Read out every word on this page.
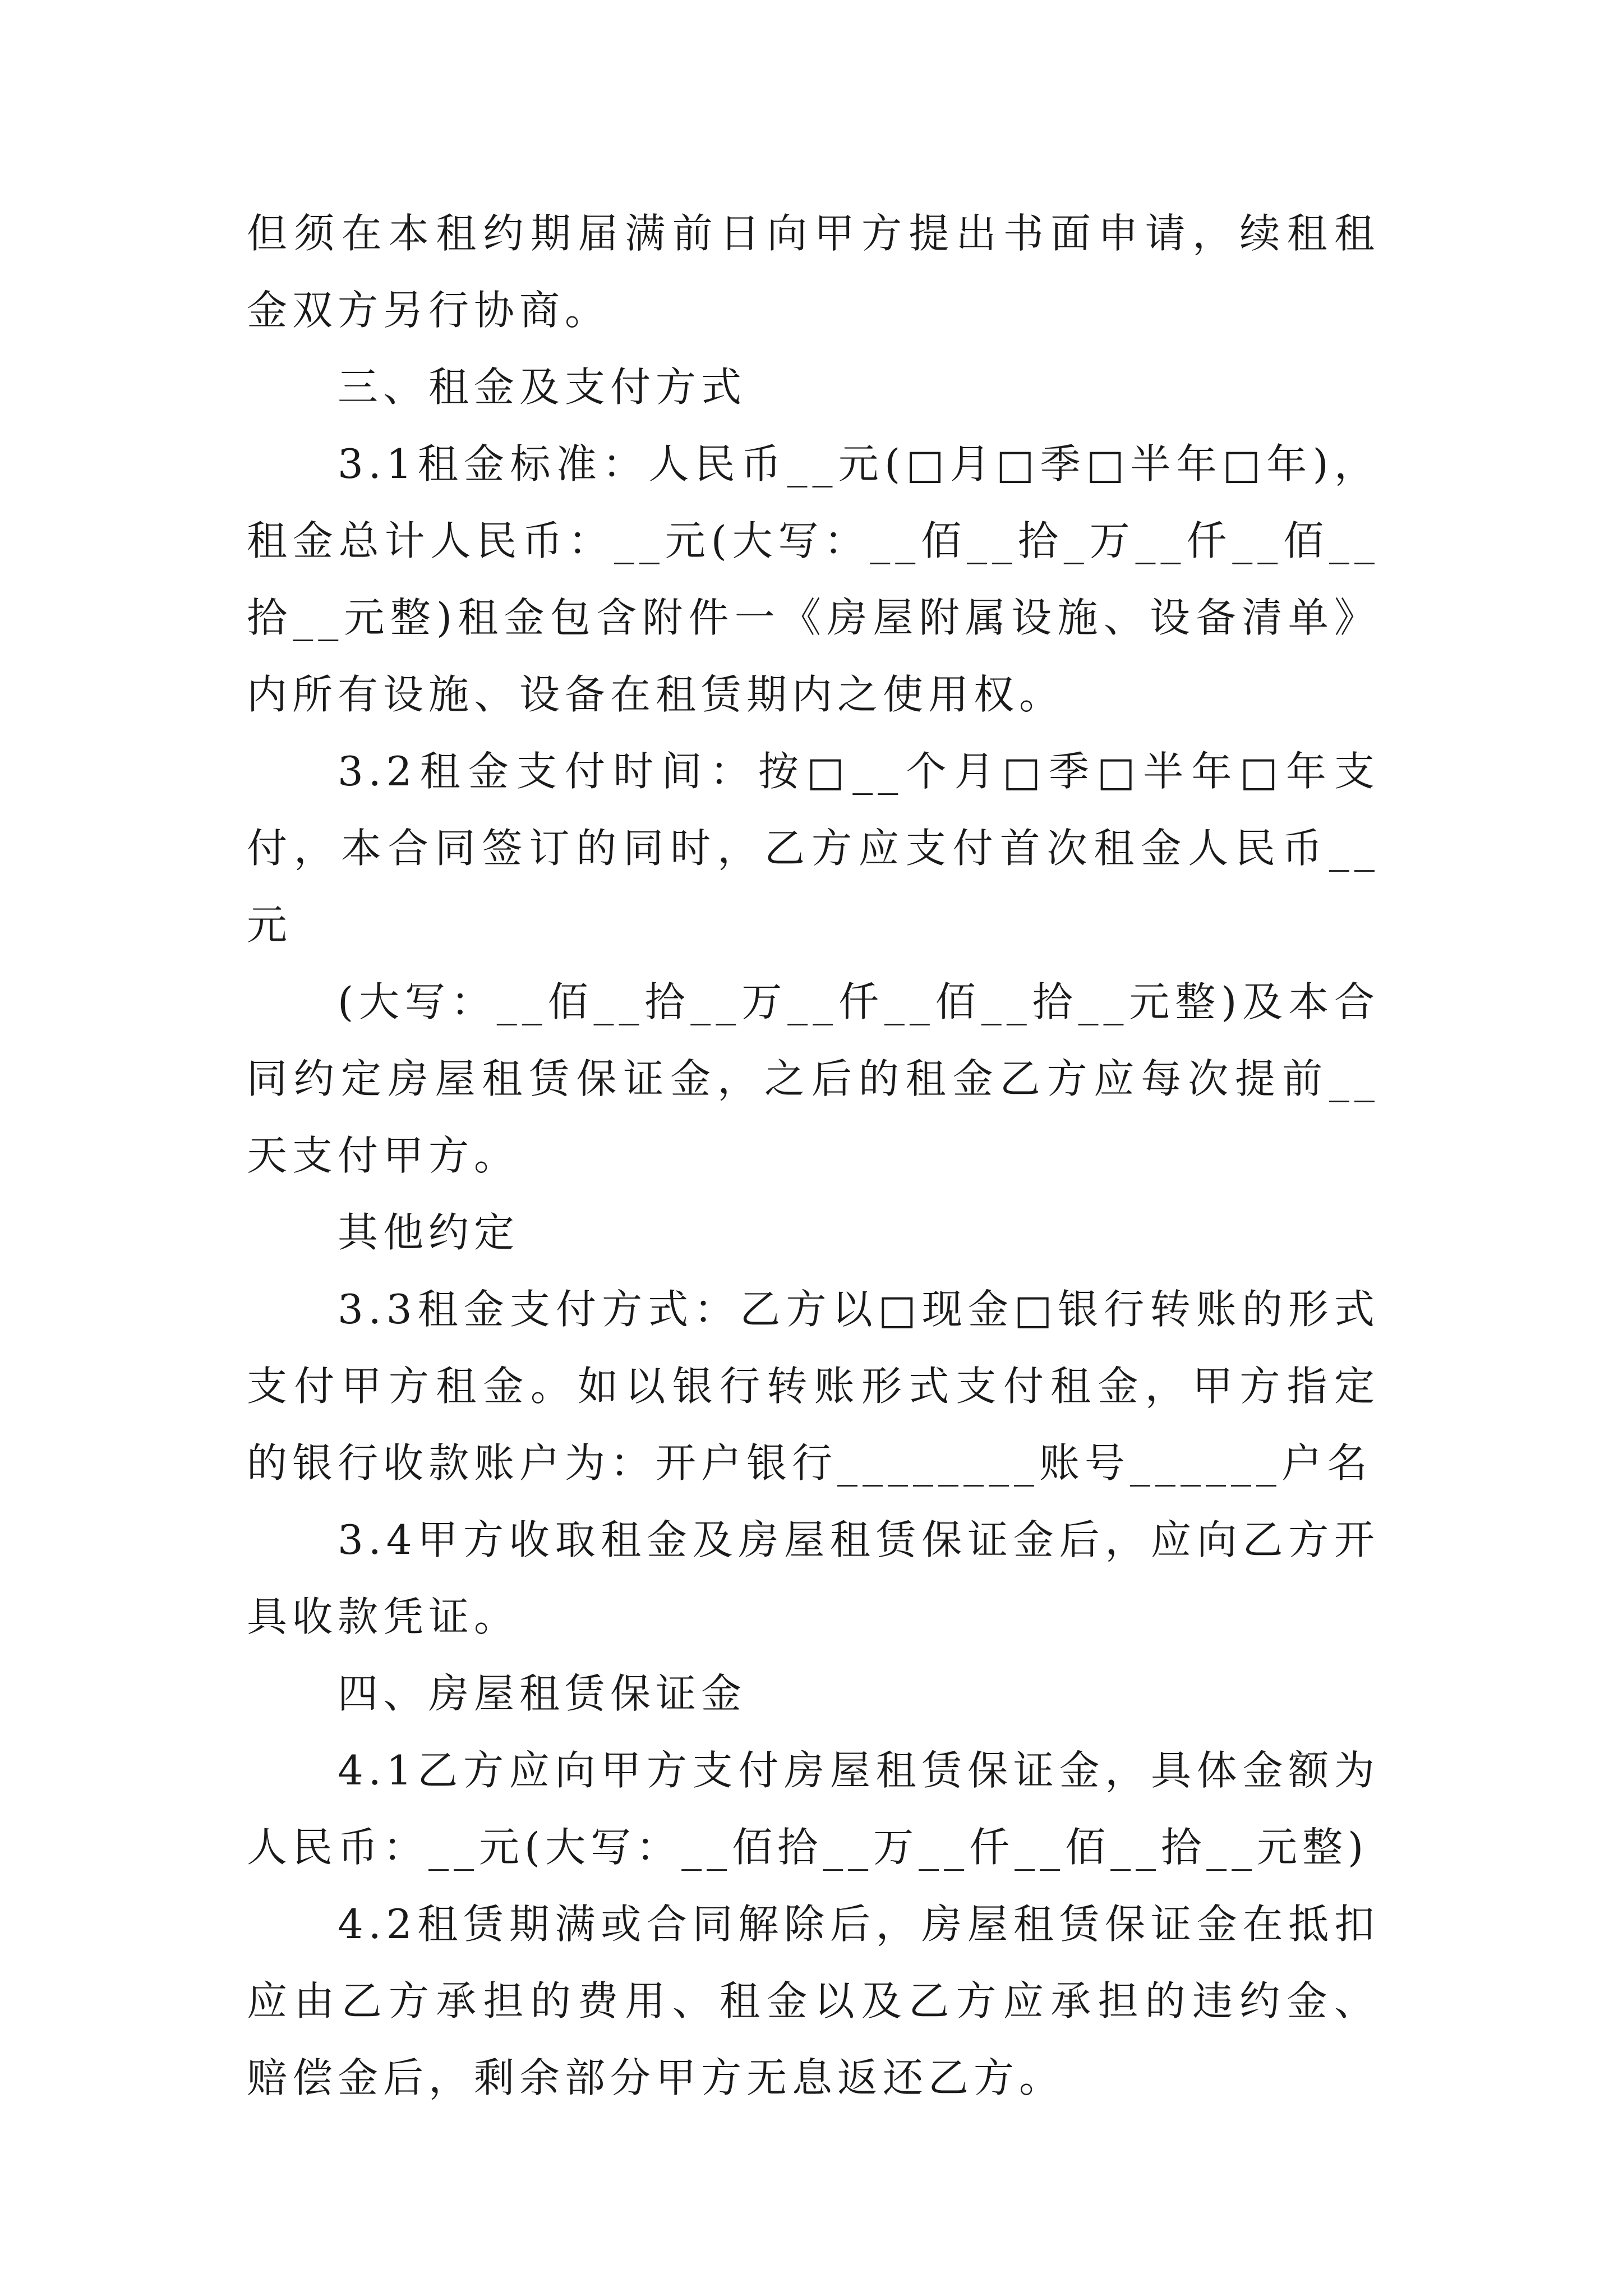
但须在本租约期届满前日向甲方提出书面申请，续租租金双方另行协商。

三、租金及支付方式

3.1租金标准：人民币__元(□月□季□半年□年)，租金总计人民币：__元(大写：__佰__拾_万__仟__佰__拾__元整)租金包含附件一《房屋附属设施、设备清单》内所有设施、设备在租赁期内之使用权。

3.2租金支付时间：按□__个月□季□半年□年支付，本合同签订的同时，乙方应支付首次租金人民币__元

(大写：__佰__拾__万__仟__佰__拾__元整)及本合同约定房屋租赁保证金，之后的租金乙方应每次提前__天支付甲方。

其他约定

3.3租金支付方式：乙方以□现金□银行转账的形式支付甲方租金。如以银行转账形式支付租金，甲方指定的银行收款账户为：开户银行________账号______户名

3.4甲方收取租金及房屋租赁保证金后，应向乙方开具收款凭证。

四、房屋租赁保证金

4.1乙方应向甲方支付房屋租赁保证金，具体金额为人民币：__元(大写：__佰拾__万__仟__佰__拾__元整)

4.2租赁期满或合同解除后，房屋租赁保证金在抵扣应由乙方承担的费用、租金以及乙方应承担的违约金、赔偿金后，剩余部分甲方无息返还乙方。
